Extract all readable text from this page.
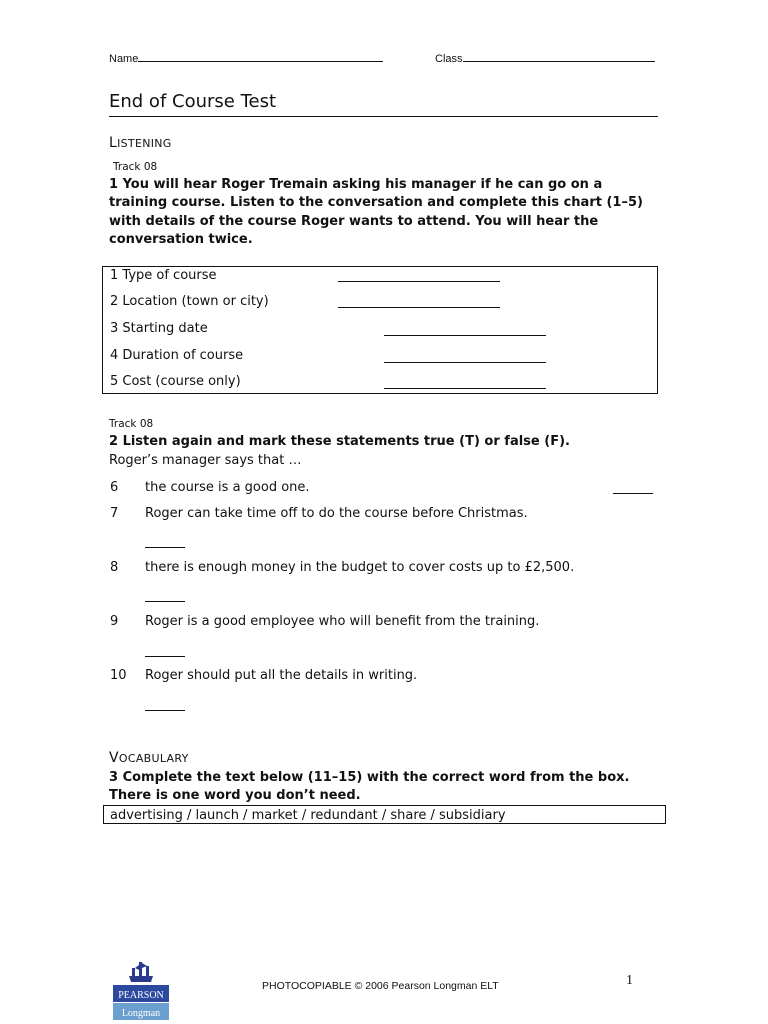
Name	Class
End of Course Test
LISTENING
Track 08
1 You will hear Roger Tremain asking his manager if he can go on a training course. Listen to the conversation and complete this chart (1–5) with details of the course Roger wants to attend. You will hear the conversation twice.
1 Type of course
2 Location (town or city)
3 Starting date
4 Duration of course
5 Cost (course only)
Track 08
2 Listen again and mark these statements true (T) or false (F).
Roger’s manager says that …
6 the course is a good one.
7 Roger can take time off to do the course before Christmas.
8 there is enough money in the budget to cover costs up to £2,500.
9 Roger is a good employee who will benefit from the training.
10 Roger should put all the details in writing.
VOCABULARY
3 Complete the text below (11–15) with the correct word from the box. There is one word you don’t need.
advertising / launch / market / redundant / share / subsidiary
PEARSON
Longman
PHOTOCOPIABLE © 2006 Pearson Longman ELT	1
